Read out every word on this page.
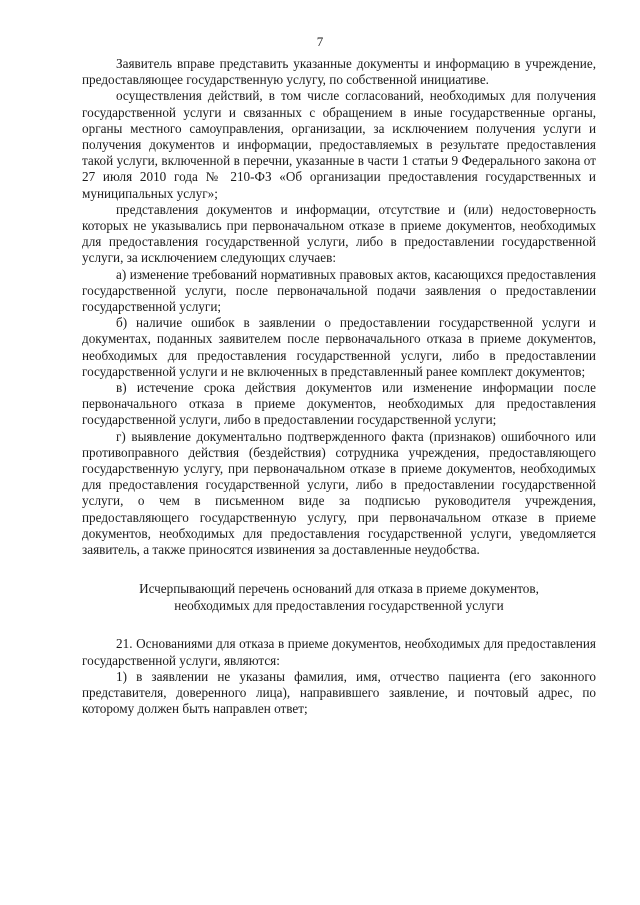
7

Заявитель вправе представить указанные документы и информацию в учреждение, предоставляющее государственную услугу, по собственной инициативе.

осуществления действий, в том числе согласований, необходимых для получения государственной услуги и связанных с обращением в иные государственные органы, органы местного самоуправления, организации, за исключением получения услуги и получения документов и информации, предоставляемых в результате предоставления такой услуги, включенной в перечни, указанные в части 1 статьи 9 Федерального закона от 27 июля 2010 года № 210-ФЗ «Об организации предоставления государственных и муниципальных услуг»;

представления документов и информации, отсутствие и (или) недостоверность которых не указывались при первоначальном отказе в приеме документов, необходимых для предоставления государственной услуги, либо в предоставлении государственной услуги, за исключением следующих случаев:

а) изменение требований нормативных правовых актов, касающихся предоставления государственной услуги, после первоначальной подачи заявления о предоставлении государственной услуги;

б) наличие ошибок в заявлении о предоставлении государственной услуги и документах, поданных заявителем после первоначального отказа в приеме документов, необходимых для предоставления государственной услуги, либо в предоставлении государственной услуги и не включенных в представленный ранее комплект документов;

в) истечение срока действия документов или изменение информации после первоначального отказа в приеме документов, необходимых для предоставления государственной услуги, либо в предоставлении государственной услуги;

г) выявление документально подтвержденного факта (признаков) ошибочного или противоправного действия (бездействия) сотрудника учреждения, предоставляющего государственную услугу, при первоначальном отказе в приеме документов, необходимых для предоставления государственной услуги, либо в предоставлении государственной услуги, о чем в письменном виде за подписью руководителя учреждения, предоставляющего государственную услугу, при первоначальном отказе в приеме документов, необходимых для предоставления государственной услуги, уведомляется заявитель, а также приносятся извинения за доставленные неудобства.

Исчерпывающий перечень оснований для отказа в приеме документов,
необходимых для предоставления государственной услуги

21. Основаниями для отказа в приеме документов, необходимых для предоставления государственной услуги, являются:

1) в заявлении не указаны фамилия, имя, отчество пациента (его законного представителя, доверенного лица), направившего заявление, и почтовый адрес, по которому должен быть направлен ответ;
